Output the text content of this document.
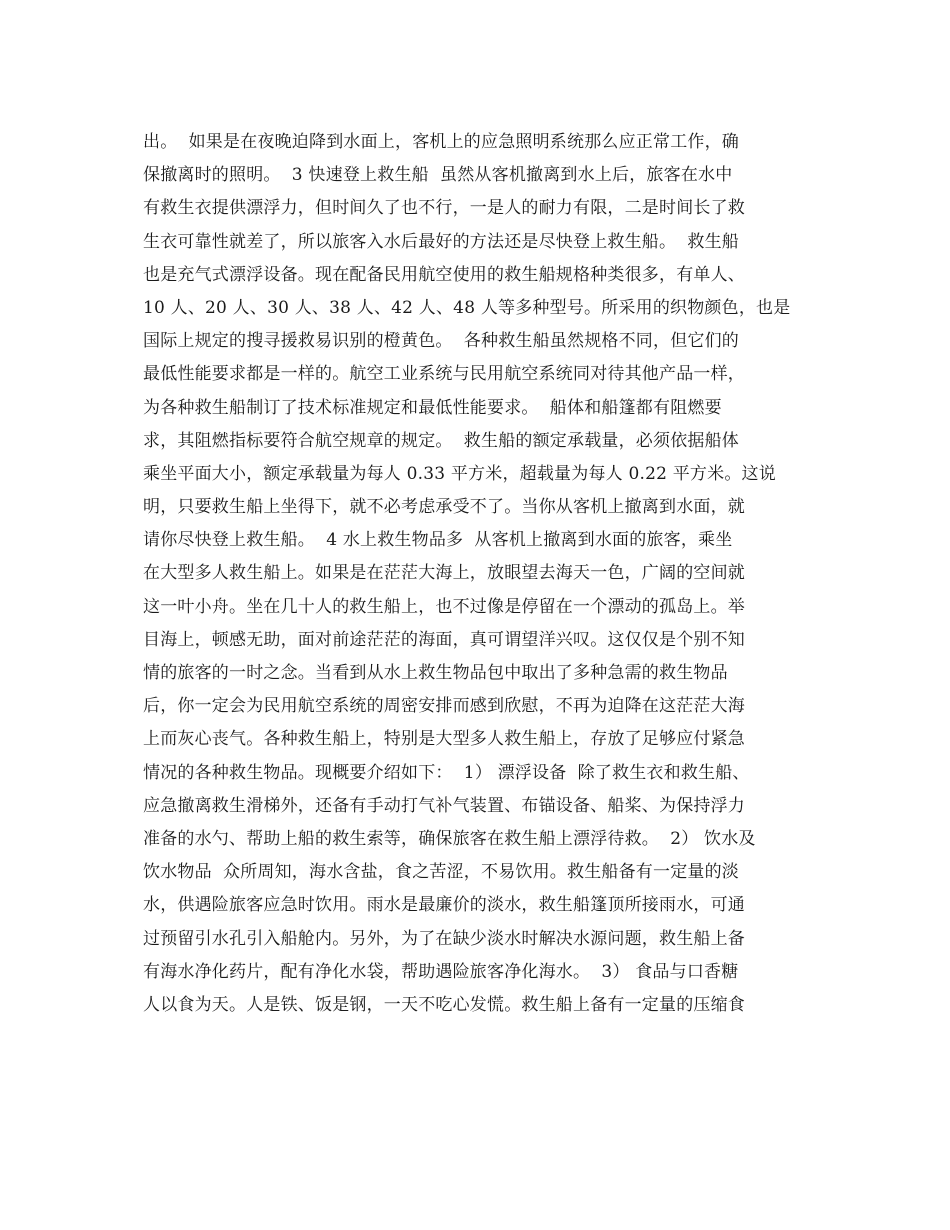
出。  如果是在夜晚迫降到水面上，客机上的应急照明系统那么应正常工作，确
保撤离时的照明。  3 快速登上救生船  虽然从客机撤离到水上后，旅客在水中
有救生衣提供漂浮力，但时间久了也不行，一是人的耐力有限，二是时间长了救
生衣可靠性就差了，所以旅客入水后最好的方法还是尽快登上救生船。  救生船
也是充气式漂浮设备。现在配备民用航空使用的救生船规格种类很多，有单人、
10 人、20 人、30 人、38 人、42 人、48 人等多种型号。所采用的织物颜色，也是
国际上规定的搜寻援救易识别的橙黄色。  各种救生船虽然规格不同，但它们的
最低性能要求都是一样的。航空工业系统与民用航空系统同对待其他产品一样，
为各种救生船制订了技术标准规定和最低性能要求。  船体和船篷都有阻燃要
求，其阻燃指标要符合航空规章的规定。  救生船的额定承载量，必须依据船体
乘坐平面大小，额定承载量为每人 0.33 平方米，超载量为每人 0.22 平方米。这说
明，只要救生船上坐得下，就不必考虑承受不了。当你从客机上撤离到水面，就
请你尽快登上救生船。  4 水上救生物品多  从客机上撤离到水面的旅客，乘坐
在大型多人救生船上。如果是在茫茫大海上，放眼望去海天一色，广阔的空间就
这一叶小舟。坐在几十人的救生船上，也不过像是停留在一个漂动的孤岛上。举
目海上，顿感无助，面对前途茫茫的海面，真可谓望洋兴叹。这仅仅是个别不知
情的旅客的一时之念。当看到从水上救生物品包中取出了多种急需的救生物品
后，你一定会为民用航空系统的周密安排而感到欣慰，不再为迫降在这茫茫大海
上而灰心丧气。各种救生船上，特别是大型多人救生船上，存放了足够应付紧急
情况的各种救生物品。现概要介绍如下：  1） 漂浮设备  除了救生衣和救生船、
应急撤离救生滑梯外，还备有手动打气补气装置、布锚设备、船桨、为保持浮力
准备的水勺、帮助上船的救生索等，确保旅客在救生船上漂浮待救。  2） 饮水及
饮水物品  众所周知，海水含盐，食之苦涩，不易饮用。救生船备有一定量的淡
水，供遇险旅客应急时饮用。雨水是最廉价的淡水，救生船篷顶所接雨水，可通
过预留引水孔引入船舱内。另外，为了在缺少淡水时解决水源问题，救生船上备
有海水净化药片，配有净化水袋，帮助遇险旅客净化海水。  3） 食品与口香糖
人以食为天。人是铁、饭是钢，一天不吃心发慌。救生船上备有一定量的压缩食
